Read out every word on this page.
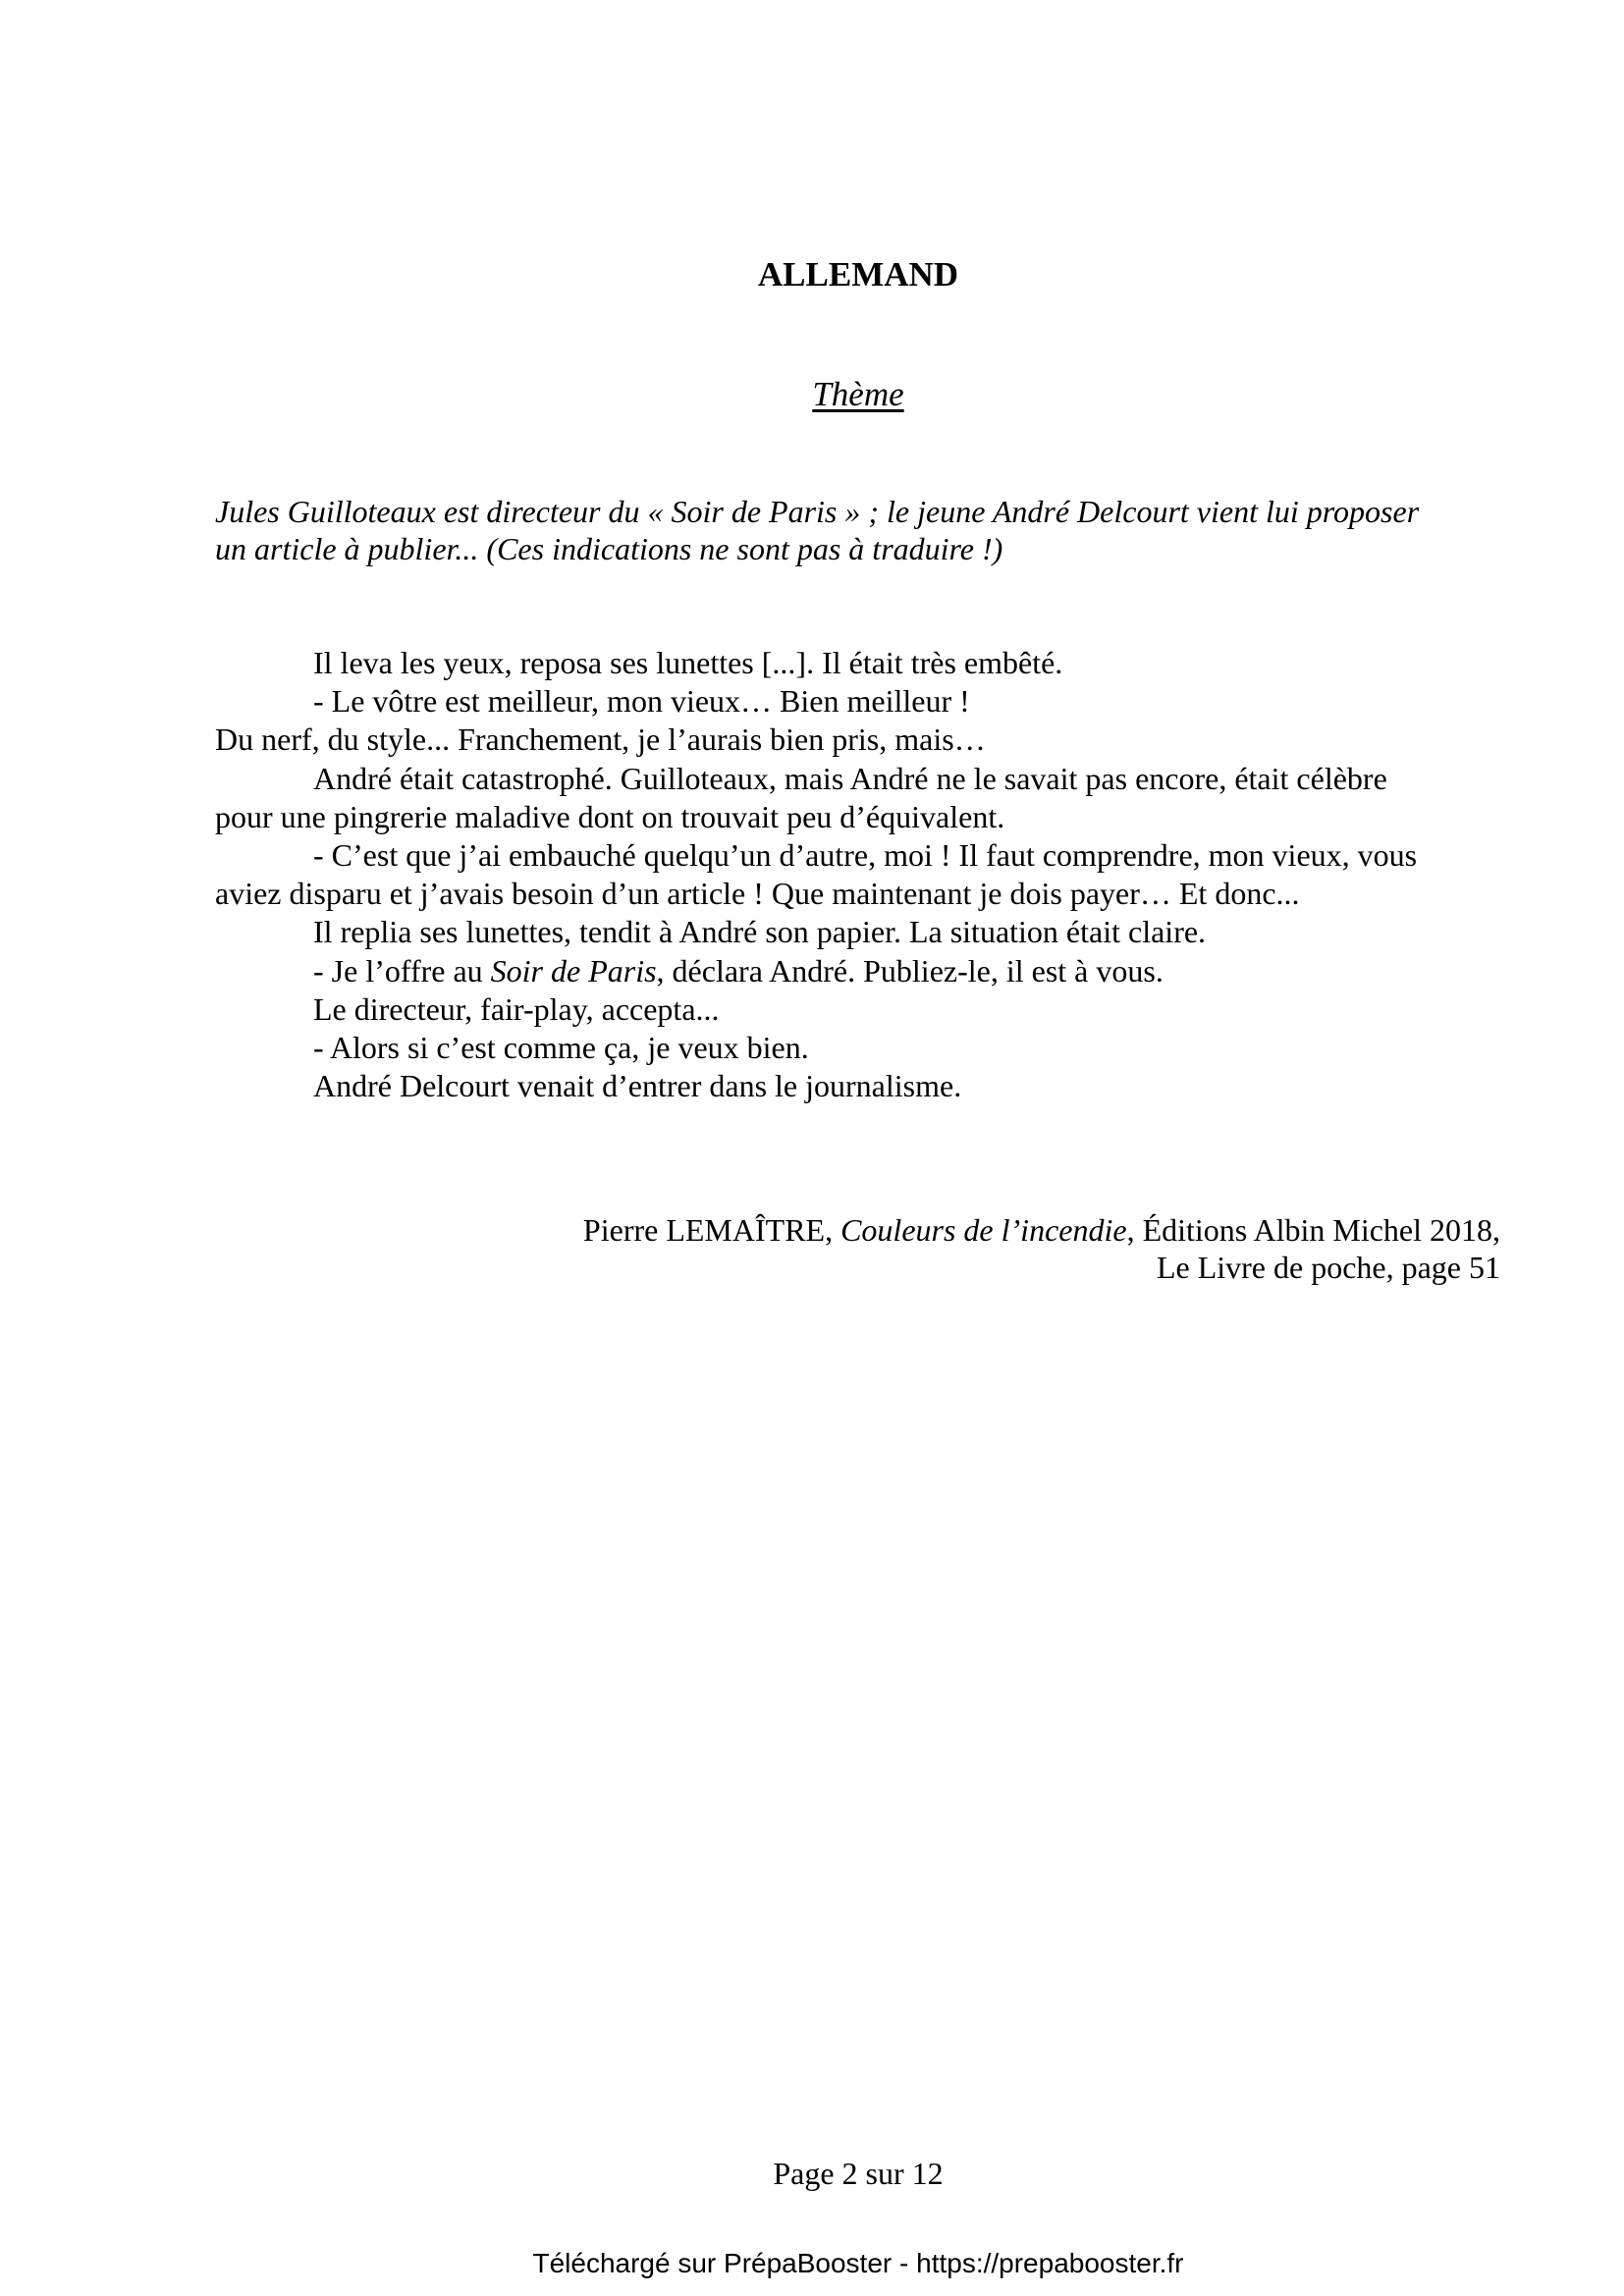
ALLEMAND
Thème
Jules Guilloteaux est directeur du « Soir de Paris » ; le jeune André Delcourt vient lui proposer
un article à publier... (Ces indications ne sont pas à traduire !)

Il leva les yeux, reposa ses lunettes [...]. Il était très embêté.

- Le vôtre est meilleur, mon vieux… Bien meilleur !

Du nerf, du style... Franchement, je l’aurais bien pris, mais…

André était catastrophé. Guilloteaux, mais André ne le savait pas encore, était célèbre

pour une pingrerie maladive dont on trouvait peu d’équivalent.

- C’est que j’ai embauché quelqu’un d’autre, moi ! Il faut comprendre, mon vieux, vous

aviez disparu et j’avais besoin d’un article ! Que maintenant je dois payer… Et donc...

Il replia ses lunettes, tendit à André son papier. La situation était claire.

- Je l’offre au Soir de Paris, déclara André. Publiez-le, il est à vous.

Le directeur, fair-play, accepta...

- Alors si c’est comme ça, je veux bien.

André Delcourt venait d’entrer dans le journalisme.

Pierre LEMAÎTRE, Couleurs de l’incendie, Éditions Albin Michel 2018,
Le Livre de poche, page 51
Page 2 sur 12
Téléchargé sur PrépaBooster - https://prepabooster.fr
